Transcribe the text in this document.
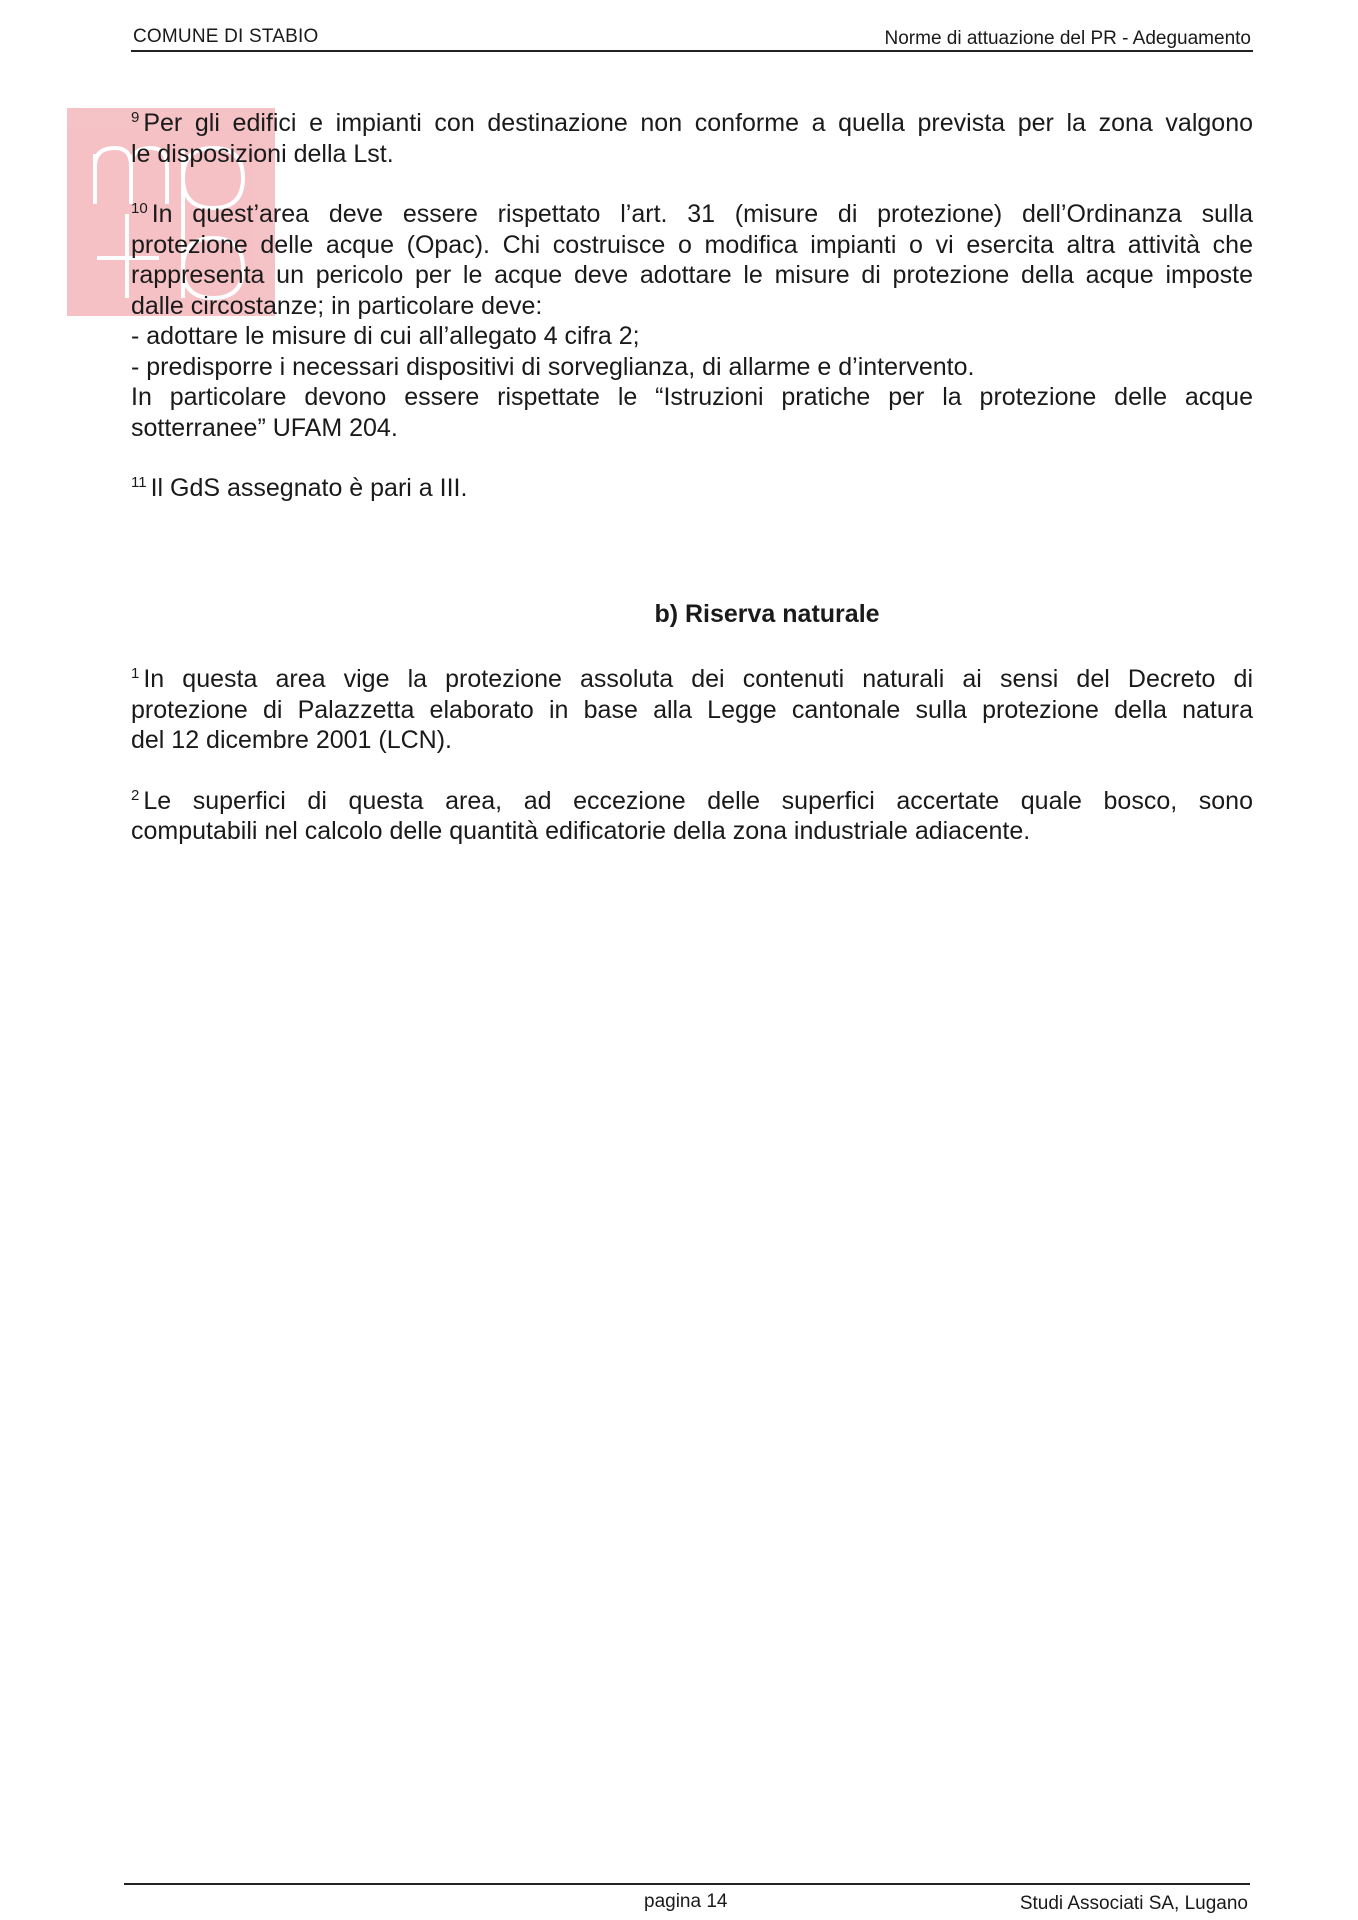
COMUNE DI STABIO	Norme di attuazione del PR - Adeguamento

$^9$ Per gli edifici e impianti con destinazione non conforme a quella prevista per la zona valgono
le disposizioni della Lst.

$^{10}$ In quest’area deve essere rispettato l’art. 31 (misure di protezione) dell’Ordinanza sulla
protezione delle acque (Opac). Chi costruisce o modifica impianti o vi esercita altra attività che
rappresenta un pericolo per le acque deve adottare le misure di protezione della acque imposte
dalle circostanze; in particolare deve:
- adottare le misure di cui all’allegato 4 cifra 2;
- predisporre i necessari dispositivi di sorveglianza, di allarme e d’intervento.
In particolare devono essere rispettate le “Istruzioni pratiche per la protezione delle acque
sotterranee” UFAM 204.

$^{11}$ Il GdS assegnato è pari a III.

b) Riserva naturale

$^1$ In questa area vige la protezione assoluta dei contenuti naturali ai sensi del Decreto di
protezione di Palazzetta elaborato in base alla Legge cantonale sulla protezione della natura
del 12 dicembre 2001 (LCN).

$^2$ Le superfici di questa area, ad eccezione delle superfici accertate quale bosco, sono
computabili nel calcolo delle quantità edificatorie della zona industriale adiacente.

pagina 14	Studi Associati SA, Lugano
